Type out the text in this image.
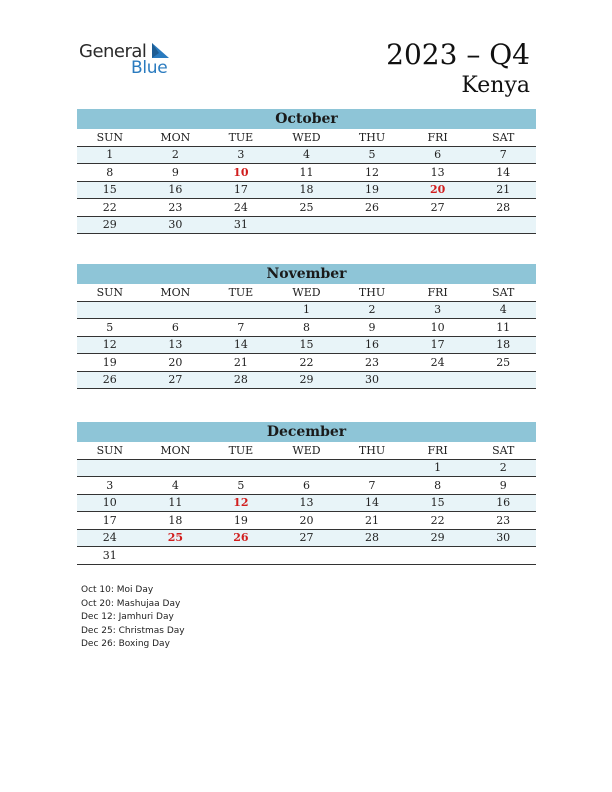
General
Blue	2023 – Q4
Kenya
October
SUN	MON	TUE	WED	THU	FRI	SAT
1	2	3	4	5	6	7
8	9	10	11	12	13	14
15	16	17	18	19	20	21
22	23	24	25	26	27	28
29	30	31				
November
SUN	MON	TUE	WED	THU	FRI	SAT
			1	2	3	4
5	6	7	8	9	10	11
12	13	14	15	16	17	18
19	20	21	22	23	24	25
26	27	28	29	30		
December
SUN	MON	TUE	WED	THU	FRI	SAT
					1	2
3	4	5	6	7	8	9
10	11	12	13	14	15	16
17	18	19	20	21	22	23
24	25	26	27	28	29	30
31						
Oct 10: Moi Day
Oct 20: Mashujaa Day
Dec 12: Jamhuri Day
Dec 25: Christmas Day
Dec 26: Boxing Day
